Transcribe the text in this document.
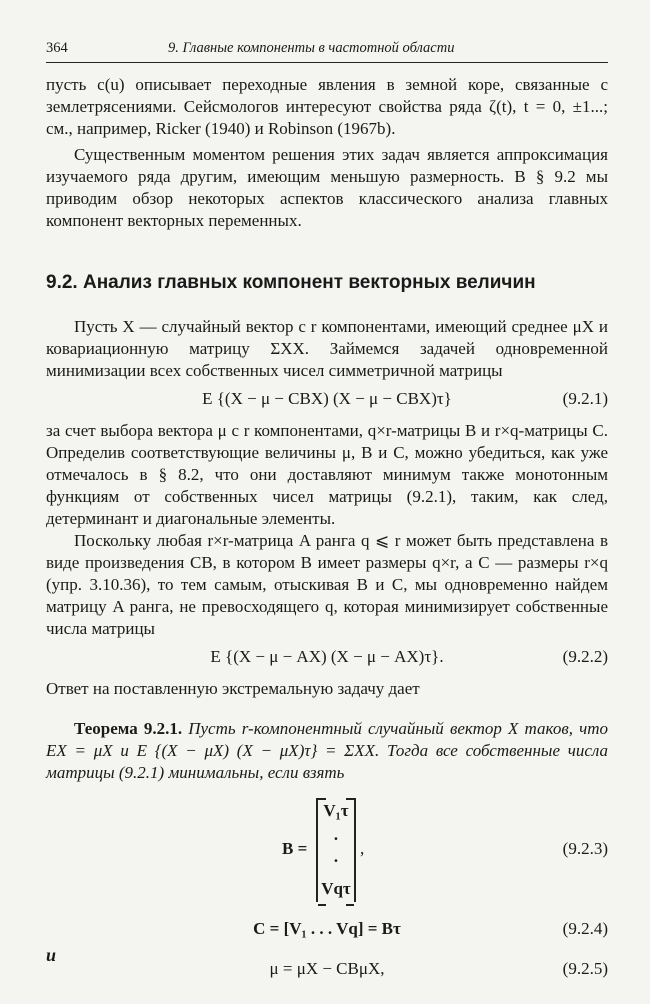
364	9. Главные компоненты в частотной области

пусть c(u) описывает переходные явления в земной коре, связанные с землетрясениями. Сейсмологов интересуют свойства ряда ζ(t), t = 0, ±1...; см., например, Ricker (1940) и Robinson (1967b).

Существенным моментом решения этих задач является аппроксимация изучаемого ряда другим, имеющим меньшую размерность. В § 9.2 мы приводим обзор некоторых аспектов классического анализа главных компонент векторных переменных.

9.2. Анализ главных компонент векторных величин

Пусть X — случайный вектор с r компонентами, имеющий среднее μX и ковариационную матрицу ΣXX. Займемся задачей одновременной минимизации всех собственных чисел симметричной матрицы

E {(X − μ − CBX) (X − μ − CBX)τ}	(9.2.1)

за счет выбора вектора μ с r компонентами, q×r-матрицы B и r×q-матрицы C. Определив соответствующие величины μ, B и C, можно убедиться, как уже отмечалось в § 8.2, что они доставляют минимум также монотонным функциям от собственных чисел матрицы (9.2.1), таким, как след, детерминант и диагональные элементы.

Поскольку любая r×r-матрица A ранга q ⩽ r может быть представлена в виде произведения CB, в котором B имеет размеры q×r, а C — размеры r×q (упр. 3.10.36), то тем самым, отыскивая B и C, мы одновременно найдем матрицу A ранга, не превосходящего q, которая минимизирует собственные числа матрицы

E {(X − μ − AX) (X − μ − AX)τ}.	(9.2.2)

Ответ на поставленную экстремальную задачу дает

Теорема 9.2.1. Пусть r-компонентный случайный вектор X таков, что EX = μX и E {(X − μX) (X − μX)τ} = ΣXX. Тогда все собственные числа матрицы (9.2.1) минимальны, если взять

B =
V₁τ
·
·
Vqτ
,	(9.2.3)
C = [V₁ . . . Vq] = Bτ	(9.2.4)
и
μ = μX − CBμX,	(9.2.5)
